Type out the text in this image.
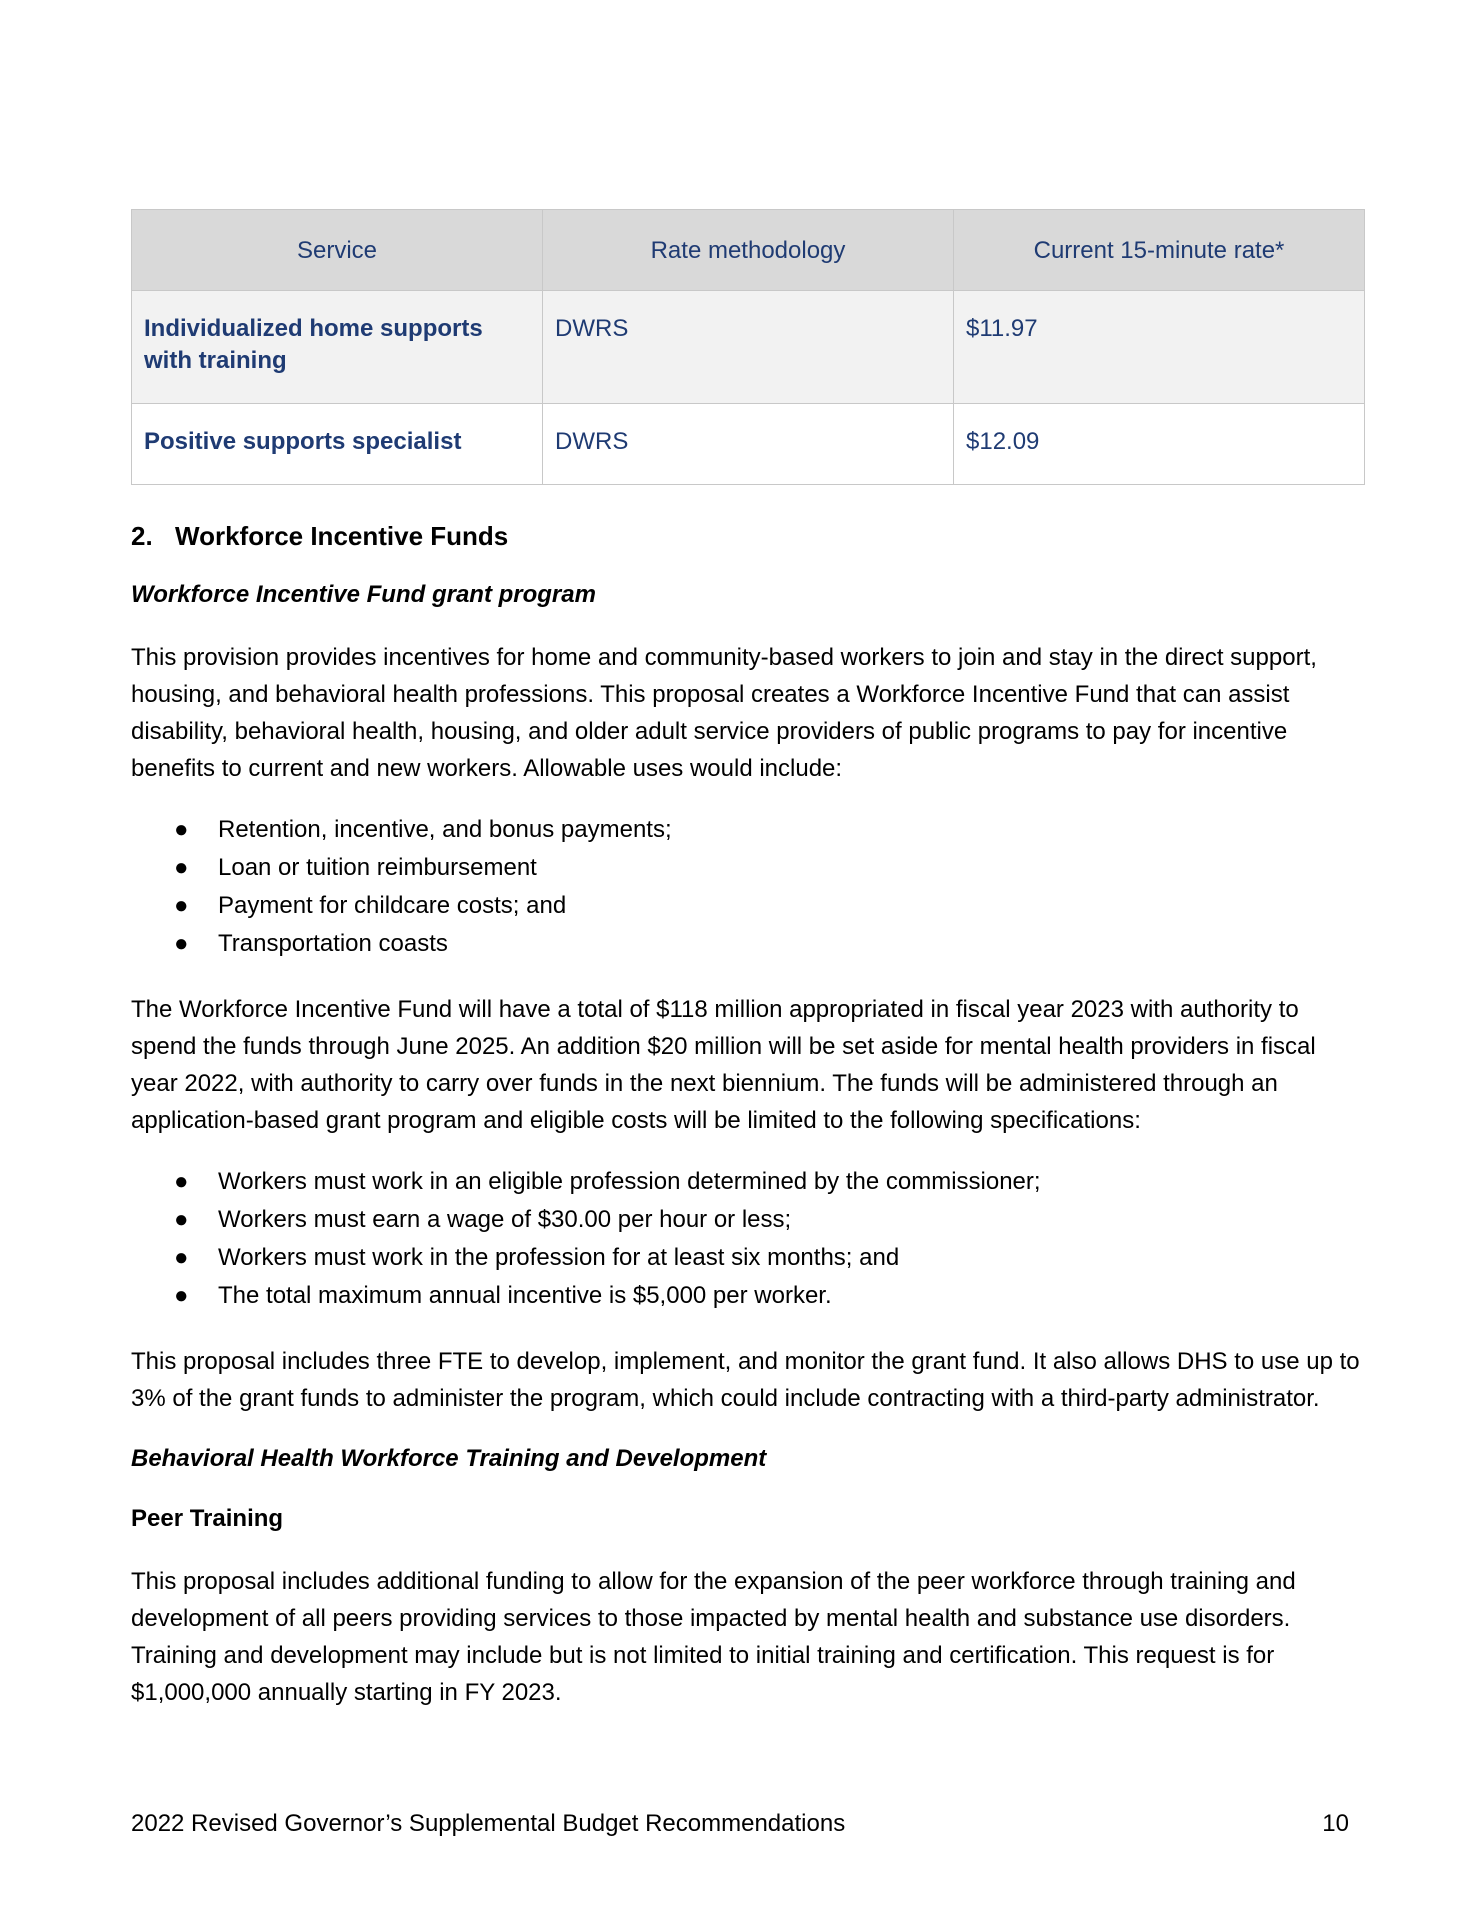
Service	Rate methodology	Current 15-minute rate*
Individualized home supports with training	DWRS	$11.97
Positive supports specialist	DWRS	$12.09
2. Workforce Incentive Funds
Workforce Incentive Fund grant program

This provision provides incentives for home and community-based workers to join and stay in the direct support, housing, and behavioral health professions. This proposal creates a Workforce Incentive Fund that can assist disability, behavioral health, housing, and older adult service providers of public programs to pay for incentive benefits to current and new workers. Allowable uses would include:

● Retention, incentive, and bonus payments;
● Loan or tuition reimbursement
● Payment for childcare costs; and
● Transportation coasts

The Workforce Incentive Fund will have a total of $118 million appropriated in fiscal year 2023 with authority to spend the funds through June 2025. An addition $20 million will be set aside for mental health providers in fiscal year 2022, with authority to carry over funds in the next biennium. The funds will be administered through an application-based grant program and eligible costs will be limited to the following specifications:

● Workers must work in an eligible profession determined by the commissioner;
● Workers must earn a wage of $30.00 per hour or less;
● Workers must work in the profession for at least six months; and
● The total maximum annual incentive is $5,000 per worker.

This proposal includes three FTE to develop, implement, and monitor the grant fund. It also allows DHS to use up to 3% of the grant funds to administer the program, which could include contracting with a third-party administrator.

Behavioral Health Workforce Training and Development
Peer Training

This proposal includes additional funding to allow for the expansion of the peer workforce through training and development of all peers providing services to those impacted by mental health and substance use disorders. Training and development may include but is not limited to initial training and certification. This request is for $1,000,000 annually starting in FY 2023.

2022 Revised Governor’s Supplemental Budget Recommendations	10
